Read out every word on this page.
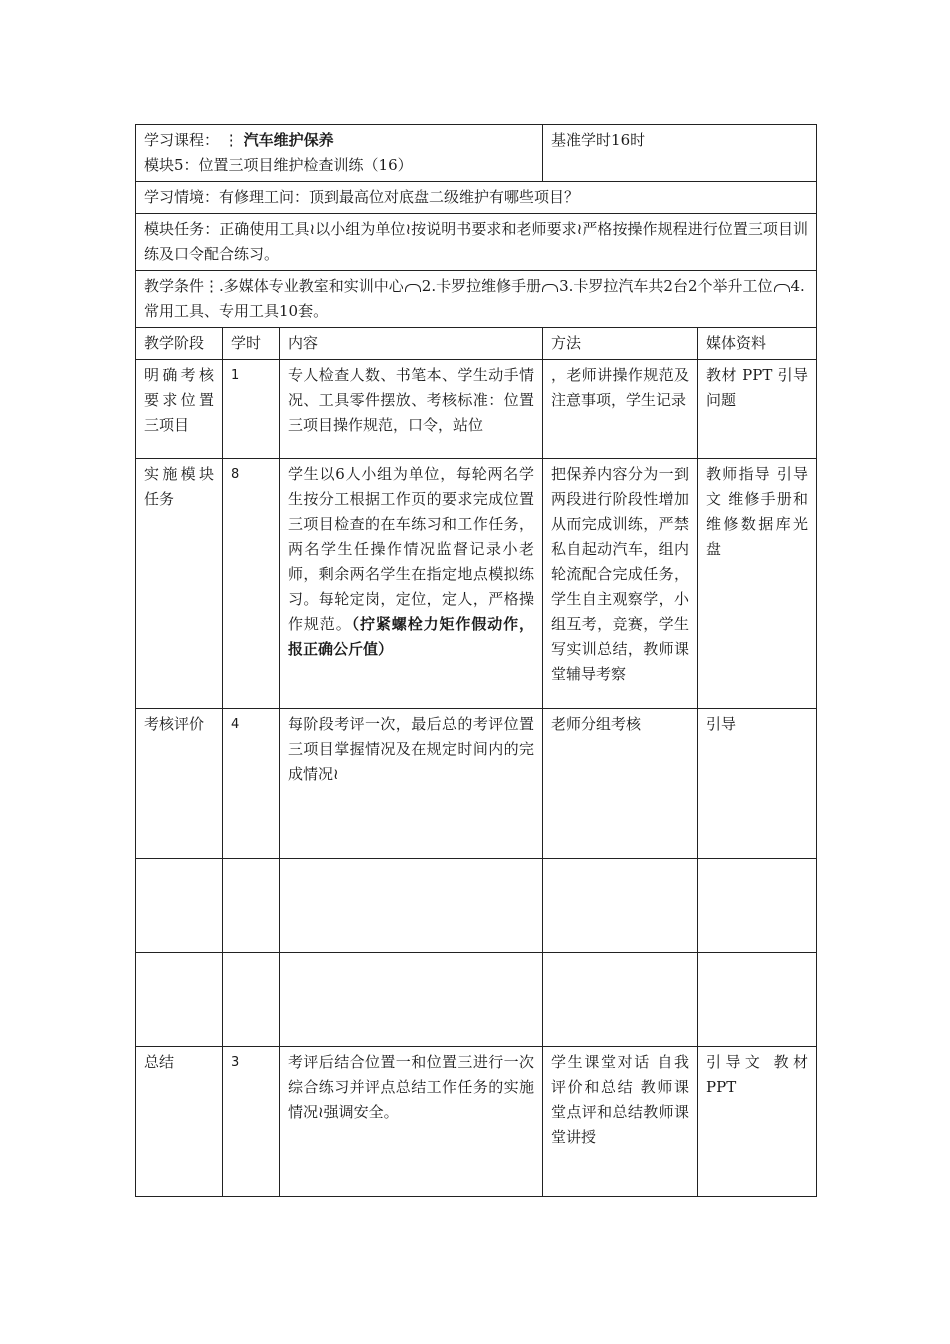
学习课程： ⋮ 汽车维护保养
模块5：位置三项目维护检查训练（16）			基准学时16时	
学习情境：有修理工问：顶到最高位对底盘二级维护有哪些项目？				
模块任务：正确使用工具≀以小组为单位≀按说明书要求和老师要求≀严格按操作规程进行位置三项目训练及口令配合练习。				
教学条件⋮.多媒体专业教室和实训中心 2.卡罗拉维修手册 3.卡罗拉汽车共2台2个举升工位 4.常用工具、专用工具10套。				
教学阶段	学时	内容	方法	媒体资料
明确考核要求位置三项目	1	专人检查人数、书笔本、学生动手情况、工具零件摆放、考核标准：位置三项目操作规范，口令，站位	，老师讲操作规范及注意事项，学生记录	教材 PPT 引导问题
实施模块任务	8	学生以6人小组为单位，每轮两名学生按分工根据工作页的要求完成位置三项目检查的在车练习和工作任务，两名学生任操作情况监督记录小老师，剩余两名学生在指定地点模拟练习。每轮定岗，定位，定人，严格操作规范。（拧紧螺栓力矩作假动作，报正确公斤值）	把保养内容分为一到两段进行阶段性增加从而完成训练，严禁私自起动汽车，组内轮流配合完成任务，学生自主观察学，小组互考，竞赛，学生写实训总结，教师课堂辅导考察	教师指导 引导文 维修手册和维修数据库光盘
考核评价	4	每阶段考评一次，最后总的考评位置三项目掌握情况及在规定时间内的完成情况≀	老师分组考核	引导

总结	3	考评后结合位置一和位置三进行一次综合练习并评点总结工作任务的实施情况≀强调安全。	学生课堂对话 自我评价和总结 教师课堂点评和总结教师课堂讲授	引导文 教材 PPT
